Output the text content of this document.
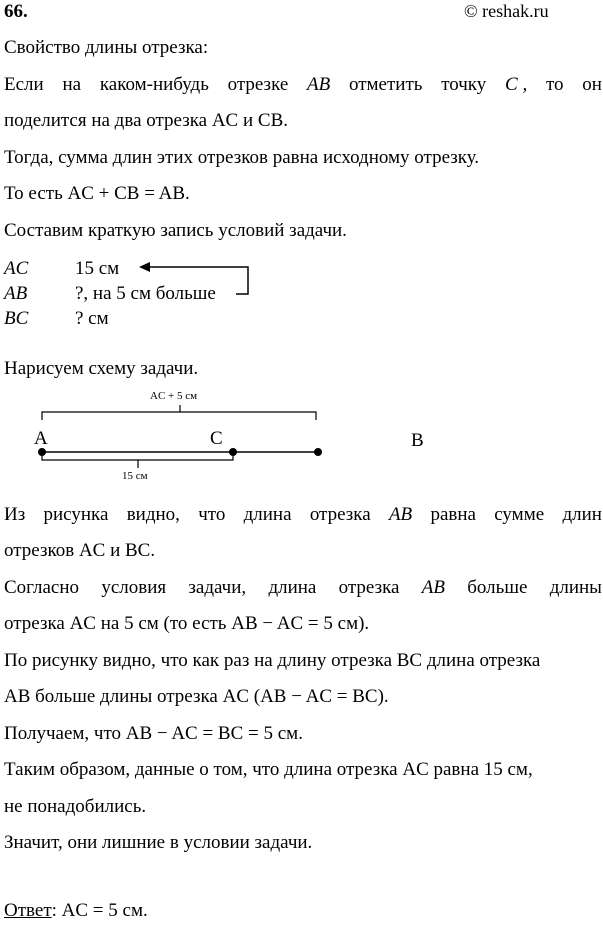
66.	© reshak.ru
Свойство длины отрезка:
Если на каком-нибудь отрезке AB отметить точку C , то он
поделится на два отрезка AC и CB.
Тогда, сумма длин этих отрезков равна исходному отрезку.
То есть AC + CB = AB.
Составим краткую запись условий задачи.
AC 15 см
AB	?, на 5 см больше
BC ? см
Нарисуем схему задачи.
AC + 5 см
A	C	B
15 см
Из рисунка видно, что длина отрезка AB равна сумме длин
отрезков AC и BC.
Согласно условия задачи, длина отрезка AB больше длины
отрезка AC на 5 см (то есть AB − AC = 5 см).
По рисунку видно, что как раз на длину отрезка BC длина отрезка
AB больше длины отрезка AC (AB − AC = BC).
Получаем, что AB − AC = BC = 5 см.
Таким образом, данные о том, что длина отрезка AC равна 15 см,
не понадобились.
Значит, они лишние в условии задачи.
Ответ: AC = 5 см.
